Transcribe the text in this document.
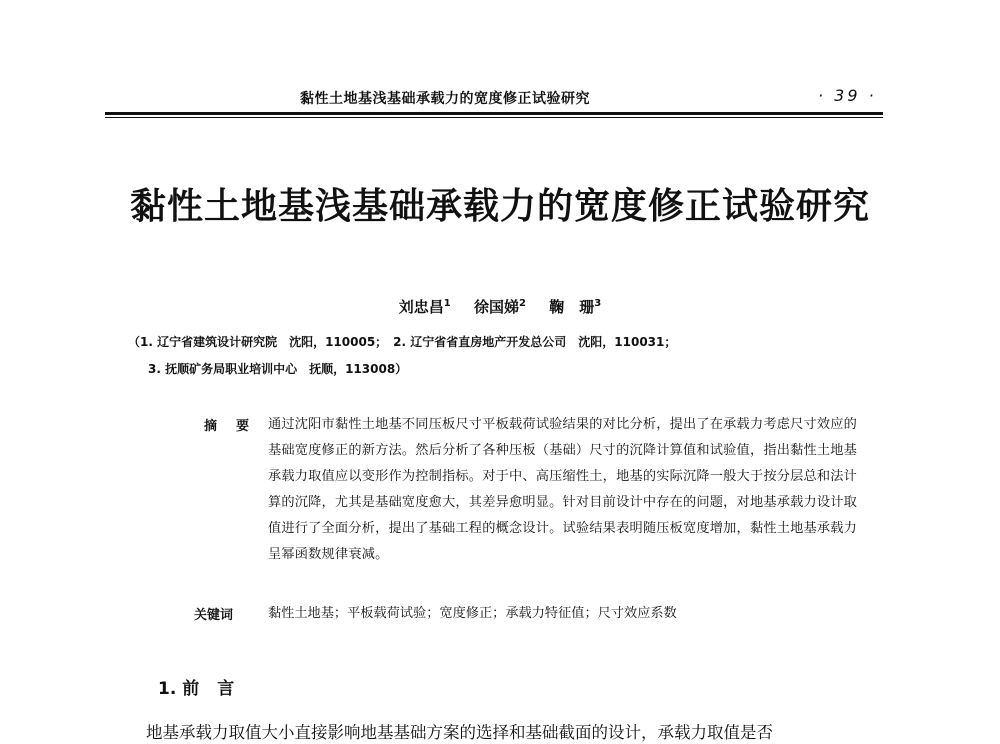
黏性土地基浅基础承载力的宽度修正试验研究	· 39 ·
黏性土地基浅基础承载力的宽度修正试验研究
刘忠昌$^1$ 徐国娣$^2$ 鞠　珊$^3$
（1. 辽宁省建筑设计研究院　沈阳，110005；　2. 辽宁省省直房地产开发总公司　沈阳，110031；
3. 抚顺矿务局职业培训中心　抚顺，113008）
摘 要 通过沈阳市黏性土地基不同压板尺寸平板载荷试验结果的对比分析，提出了在承载力考虑尺寸效应的基础宽度修正的新方法。然后分析了各种压板（基础）尺寸的沉降计算值和试验值，指出黏性土地基承载力取值应以变形作为控制指标。对于中、高压缩性土，地基的实际沉降一般大于按分层总和法计算的沉降，尤其是基础宽度愈大，其差异愈明显。针对目前设计中存在的问题，对地基承载力设计取值进行了全面分析，提出了基础工程的概念设计。试验结果表明随压板宽度增加，黏性土地基承载力呈幂函数规律衰减。
关键词	黏性土地基；平板载荷试验；宽度修正；承载力特征值；尺寸效应系数
1. 前 言
地基承载力取值大小直接影响地基基础方案的选择和基础截面的设计，承载力取值是否
